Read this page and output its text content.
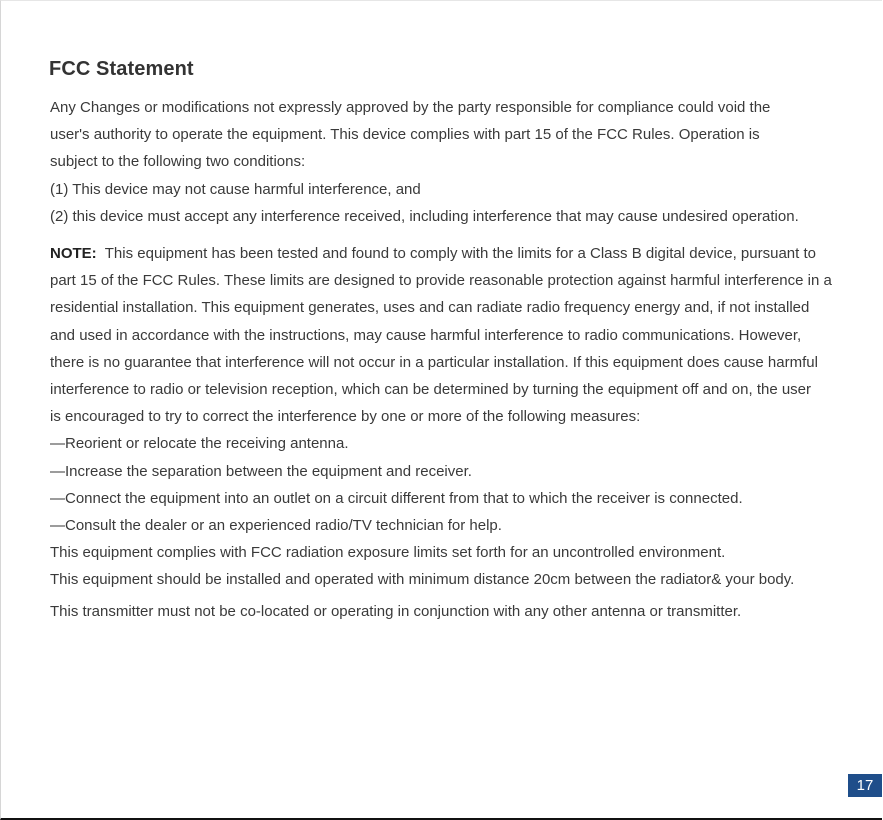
FCC Statement

Any Changes or modifications not expressly approved by the party responsible for compliance could void the

user's authority to operate the equipment. This device complies with part 15 of the FCC Rules. Operation is

subject to the following two conditions:

(1) This device may not cause harmful interference, and

(2) this device must accept any interference received, including interference that may cause undesired operation.

NOTE: This equipment has been tested and found to comply with the limits for a Class B digital device, pursuant to

part 15 of the FCC Rules. These limits are designed to provide reasonable protection against harmful interference in a

residential installation. This equipment generates, uses and can radiate radio frequency energy and, if not installed

and used in accordance with the instructions, may cause harmful interference to radio communications. However,

there is no guarantee that interference will not occur in a particular installation. If this equipment does cause harmful

interference to radio or television reception, which can be determined by turning the equipment off and on, the user

is encouraged to try to correct the interference by one or more of the following measures:

—Reorient or relocate the receiving antenna.

—Increase the separation between the equipment and receiver.

—Connect the equipment into an outlet on a circuit different from that to which the receiver is connected.

—Consult the dealer or an experienced radio/TV technician for help.

This equipment complies with FCC radiation exposure limits set forth for an uncontrolled environment.

This equipment should be installed and operated with minimum distance 20cm between the radiator& your body.

This transmitter must not be co-located or operating in conjunction with any other antenna or transmitter.
17
